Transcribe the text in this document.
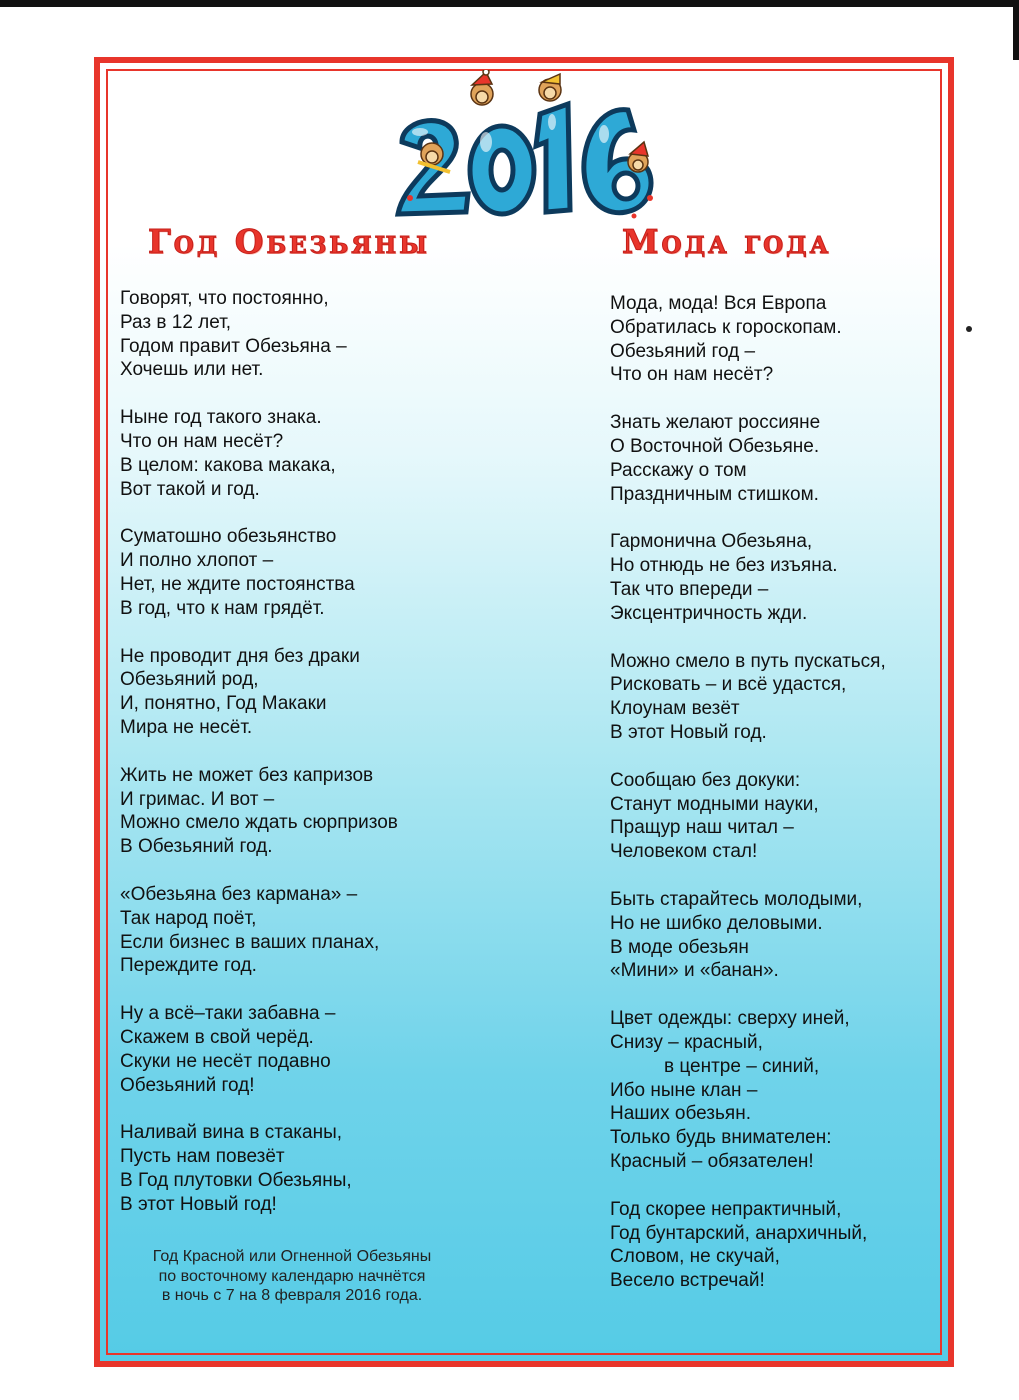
Год Обезьяны	Мода года
Говорят, что постоянно,
Раз в 12 лет,
Годом правит Обезьяна –
Хочешь или нет.
Ныне год такого знака.
Что он нам несёт?
В целом: какова макака,
Вот такой и год.
Суматошно обезьянство
И полно хлопот –
Нет, не ждите постоянства
В год, что к нам грядёт.
Не проводит дня без драки
Обезьяний род,
И, понятно, Год Макаки
Мира не несёт.
Жить не может без капризов
И гримас. И вот –
Можно смело ждать сюрпризов
В Обезьяний год.
«Обезьяна без кармана» –
Так народ поёт,
Если бизнес в ваших планах,
Переждите год.
Ну а всё–таки забавна –
Скажем в свой черёд.
Скуки не несёт подавно
Обезьяний год!
Наливай вина в стаканы,
Пусть нам повезёт
В Год плутовки Обезьяны,
В этот Новый год!
Год Красной или Огненной Обезьяны
по восточному календарю начнётся
в ночь с 7 на 8 февраля 2016 года.
Мода, мода! Вся Европа
Обратилась к гороскопам.
Обезьяний год –
Что он нам несёт?
Знать желают россияне
О Восточной Обезьяне.
Расскажу о том
Праздничным стишком.
Гармонична Обезьяна,
Но отнюдь не без изъяна.
Так что впереди –
Эксцентричность жди.
Можно смело в путь пускаться,
Рисковать – и всё удастся,
Клоунам везёт
В этот Новый год.
Сообщаю без докуки:
Станут модными науки,
Пращур наш читал –
Человеком стал!
Быть старайтесь молодыми,
Но не шибко деловыми.
В моде обезьян
«Мини» и «банан».
Цвет одежды: сверху иней,
Снизу – красный,
в центре – синий,
Ибо ныне клан –
Наших обезьян.
Только будь внимателен:
Красный – обязателен!
Год скорее непрактичный,
Год бунтарский, анархичный,
Словом, не скучай,
Весело встречай!
